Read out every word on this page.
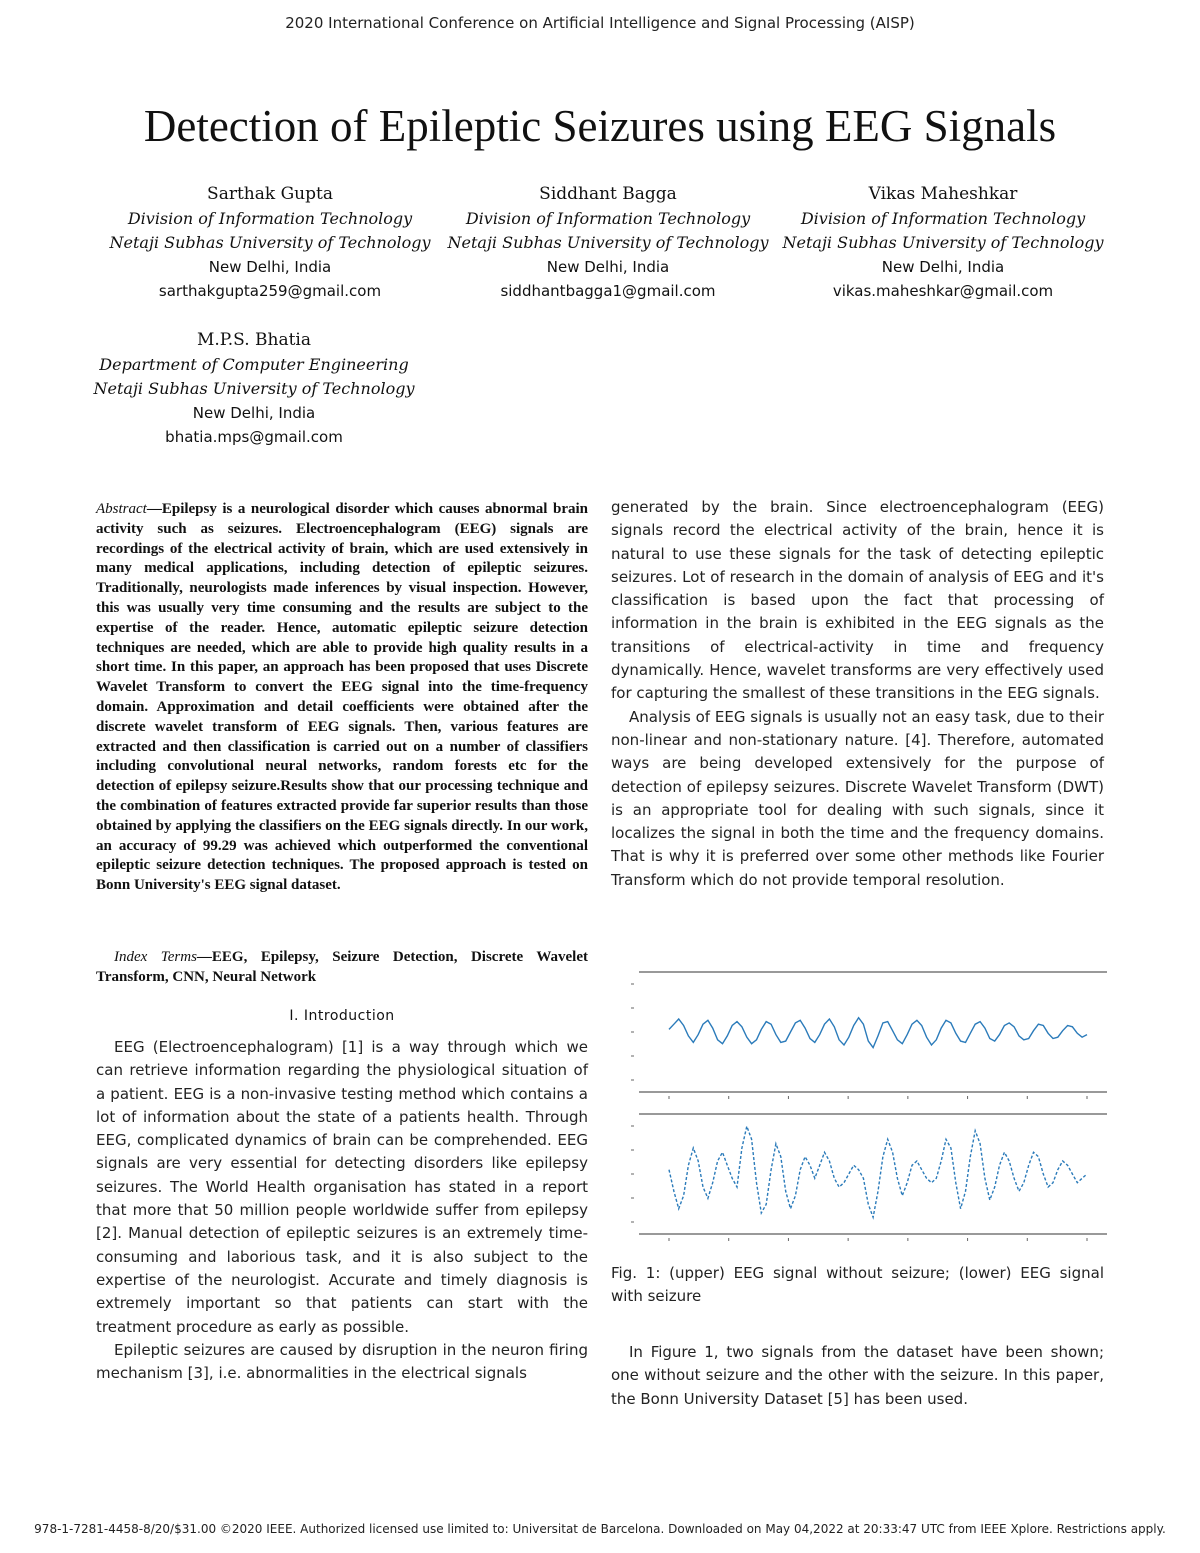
2020 International Conference on Artificial Intelligence and Signal Processing (AISP)
Detection of Epileptic Seizures using EEG Signals
Sarthak Gupta
Division of Information Technology
Netaji Subhas University of Technology
New Delhi, India
sarthakgupta259@gmail.com
Siddhant Bagga
Division of Information Technology
Netaji Subhas University of Technology
New Delhi, India
siddhantbagga1@gmail.com
Vikas Maheshkar
Division of Information Technology
Netaji Subhas University of Technology
New Delhi, India
vikas.maheshkar@gmail.com
M.P.S. Bhatia
Department of Computer Engineering
Netaji Subhas University of Technology
New Delhi, India
bhatia.mps@gmail.com
Abstract—Epilepsy is a neurological disorder which causes abnormal brain activity such as seizures. Electroencephalogram (EEG) signals are recordings of the electrical activity of brain, which are used extensively in many medical applications, including detection of epileptic seizures. Traditionally, neurologists made inferences by visual inspection. However, this was usually very time consuming and the results are subject to the expertise of the reader. Hence, automatic epileptic seizure detection techniques are needed, which are able to provide high quality results in a short time. In this paper, an approach has been proposed that uses Discrete Wavelet Transform to convert the EEG signal into the time-frequency domain. Approximation and detail coefficients were obtained after the discrete wavelet transform of EEG signals. Then, various features are extracted and then classification is carried out on a number of classifiers including convolutional neural networks, random forests etc for the detection of epilepsy seizure.Results show that our processing technique and the combination of features extracted provide far superior results than those obtained by applying the classifiers on the EEG signals directly. In our work, an accuracy of 99.29 was achieved which outperformed the conventional epileptic seizure detection techniques. The proposed approach is tested on Bonn University's EEG signal dataset.
Index Terms—EEG, Epilepsy, Seizure Detection, Discrete Wavelet Transform, CNN, Neural Network
I. Introduction

EEG (Electroencephalogram) [1] is a way through which we can retrieve information regarding the physiological situation of a patient. EEG is a non-invasive testing method which contains a lot of information about the state of a patients health. Through EEG, complicated dynamics of brain can be comprehended. EEG signals are very essential for detecting disorders like epilepsy seizures. The World Health organisation has stated in a report that more that 50 million people worldwide suffer from epilepsy [2]. Manual detection of epileptic seizures is an extremely time-consuming and laborious task, and it is also subject to the expertise of the neurologist. Accurate and timely diagnosis is extremely important so that patients can start with the treatment procedure as early as possible.

Epileptic seizures are caused by disruption in the neuron firing mechanism [3], i.e. abnormalities in the electrical signals

generated by the brain. Since electroencephalogram (EEG) signals record the electrical activity of the brain, hence it is natural to use these signals for the task of detecting epileptic seizures. Lot of research in the domain of analysis of EEG and it's classification is based upon the fact that processing of information in the brain is exhibited in the EEG signals as the transitions of electrical-activity in time and frequency dynamically. Hence, wavelet transforms are very effectively used for capturing the smallest of these transitions in the EEG signals.

Analysis of EEG signals is usually not an easy task, due to their non-linear and non-stationary nature. [4]. Therefore, automated ways are being developed extensively for the purpose of detection of epilepsy seizures. Discrete Wavelet Transform (DWT) is an appropriate tool for dealing with such signals, since it localizes the signal in both the time and the frequency domains. That is why it is preferred over some other methods like Fourier Transform which do not provide temporal resolution.

Fig. 1: (upper) EEG signal without seizure; (lower) EEG signal with seizure

In Figure 1, two signals from the dataset have been shown; one without seizure and the other with the seizure. In this paper, the Bonn University Dataset [5] has been used.

978-1-7281-4458-8/20/$31.00 ©2020 IEEE. Authorized licensed use limited to: Universitat de Barcelona. Downloaded on May 04,2022 at 20:33:47 UTC from IEEE Xplore. Restrictions apply.
